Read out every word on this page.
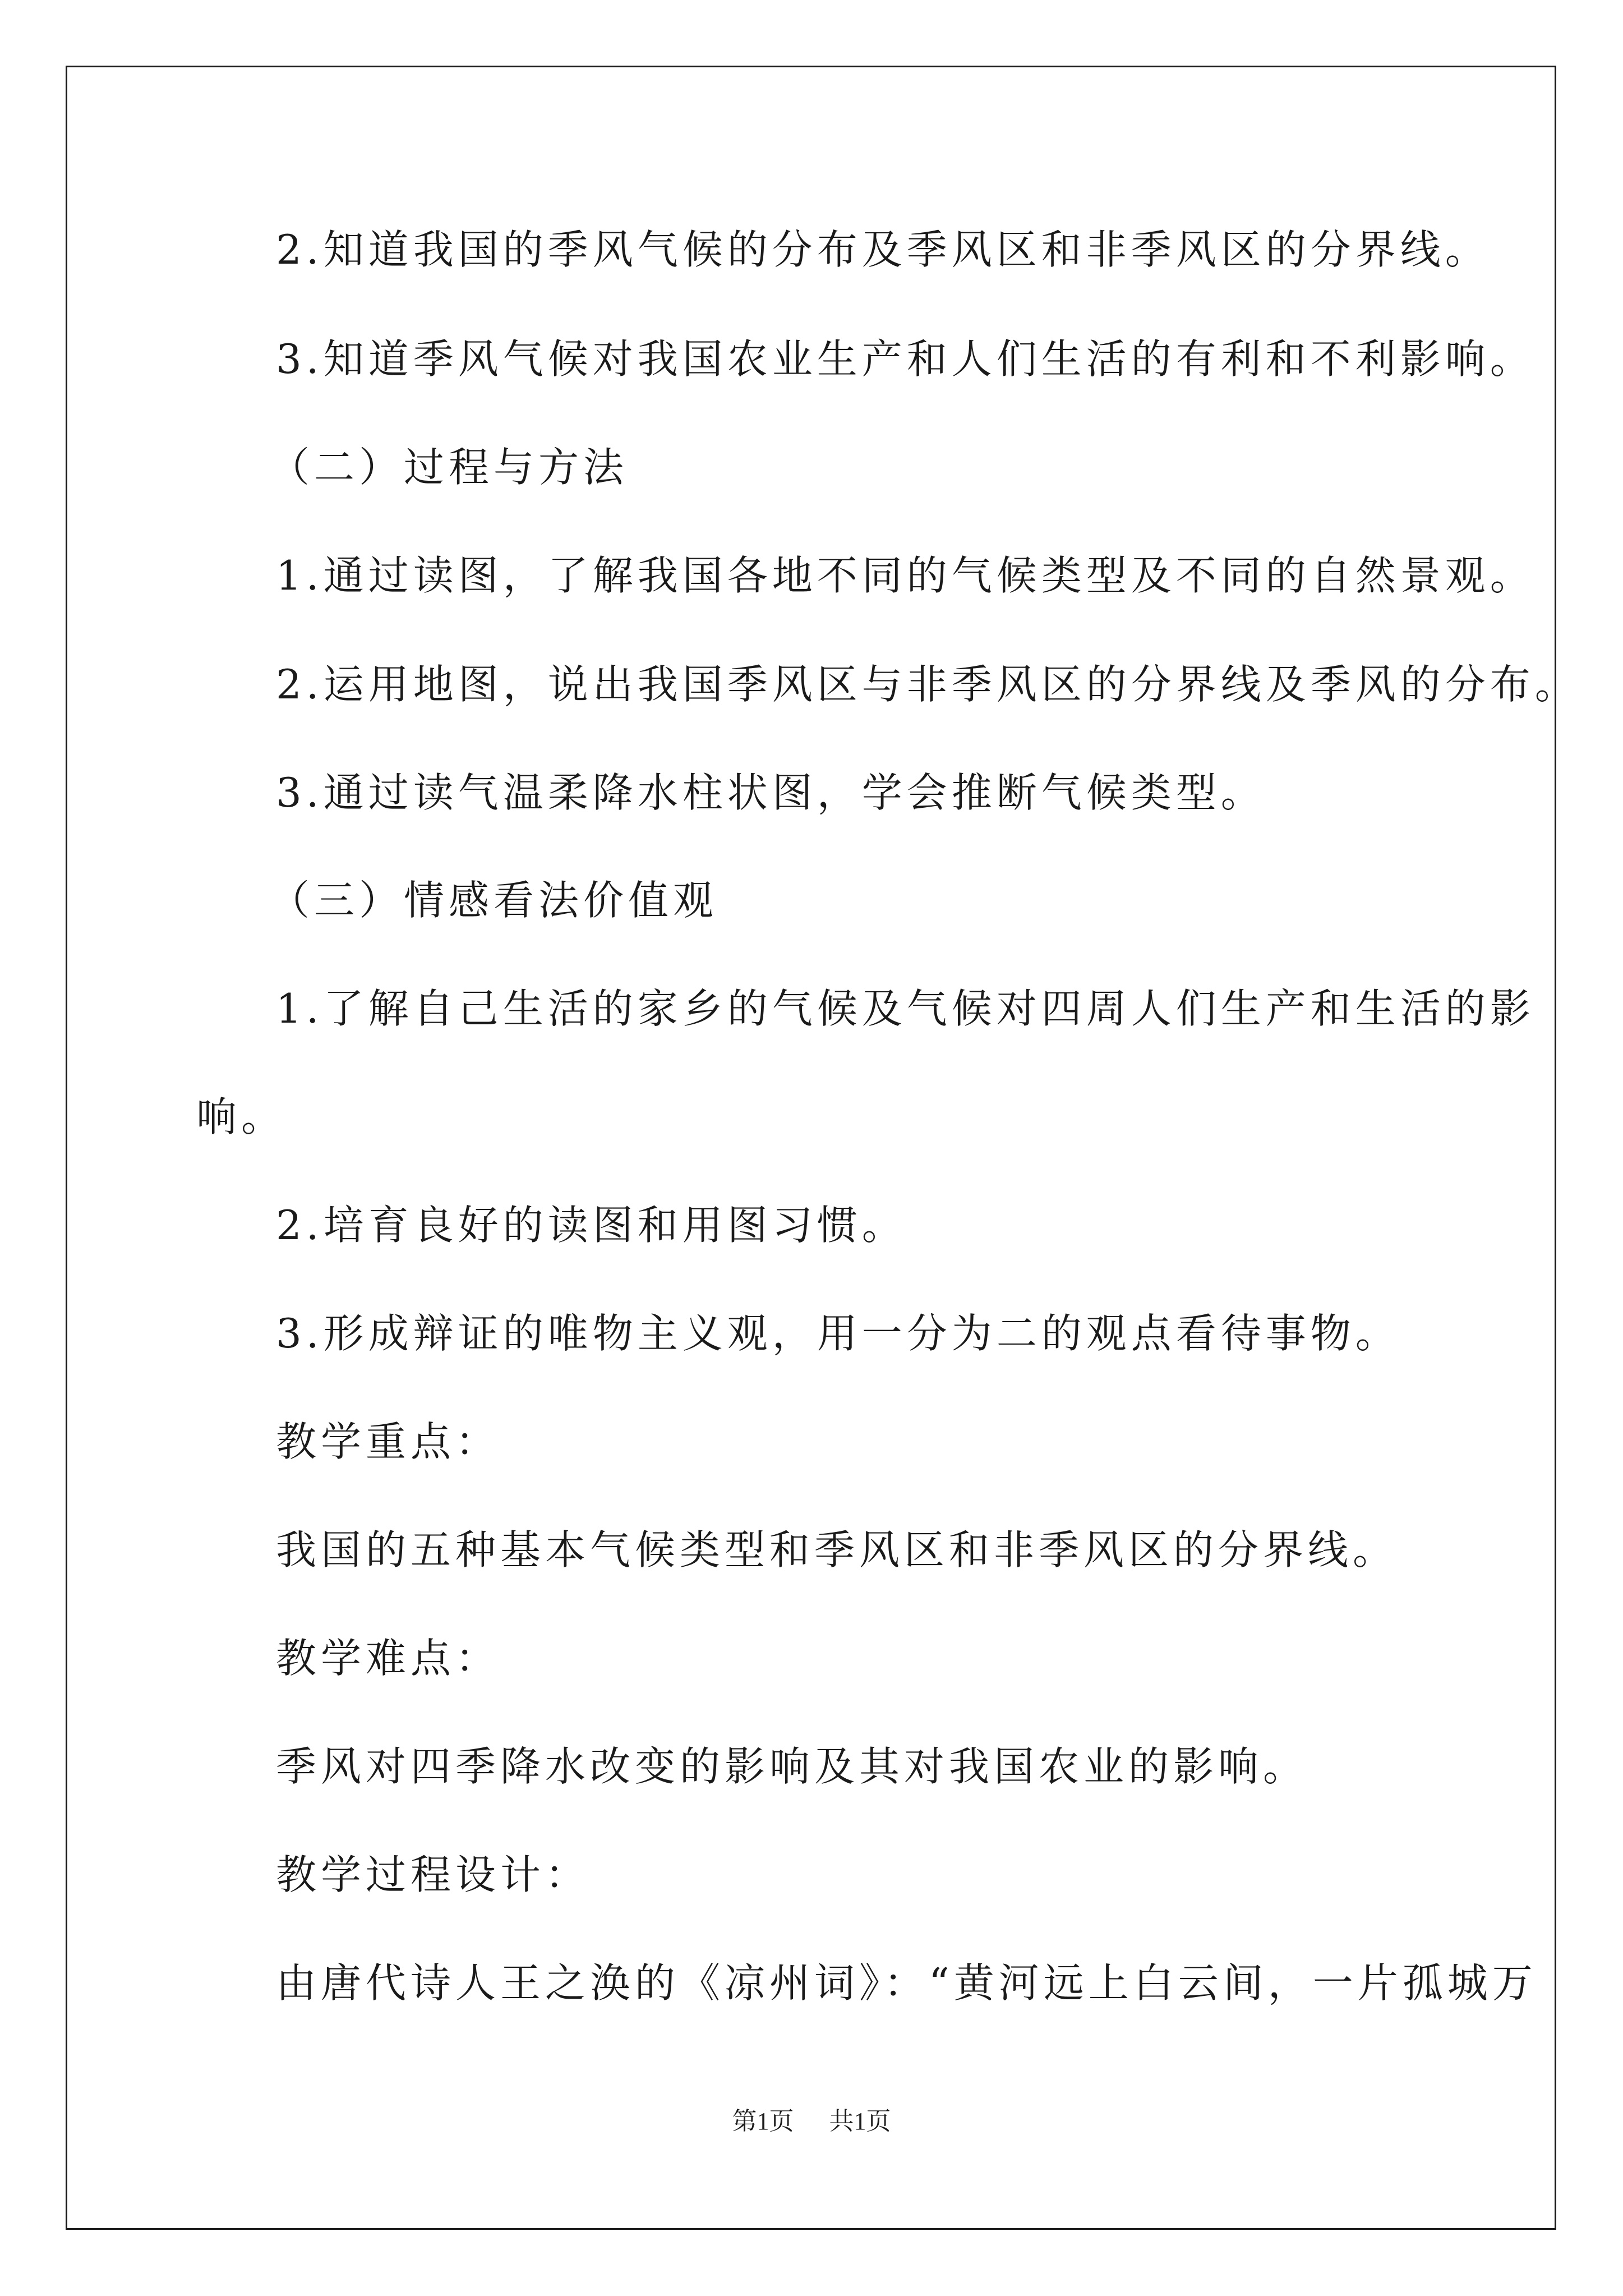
2.知道我国的季风气候的分布及季风区和非季风区的分界线。
3.知道季风气候对我国农业生产和人们生活的有利和不利影响。
（二）过程与方法
1.通过读图，了解我国各地不同的气候类型及不同的自然景观。
2.运用地图，说出我国季风区与非季风区的分界线及季风的分布。
3.通过读气温柔降水柱状图，学会推断气候类型。
（三）情感看法价值观
1.了解自己生活的家乡的气候及气候对四周人们生产和生活的影
响。
2.培育良好的读图和用图习惯。
3.形成辩证的唯物主义观，用一分为二的观点看待事物。
教学重点：
我国的五种基本气候类型和季风区和非季风区的分界线。
教学难点：
季风对四季降水改变的影响及其对我国农业的影响。
教学过程设计：
由唐代诗人王之涣的《凉州词》：“黄河远上白云间，一片孤城万
第1页 共1页
